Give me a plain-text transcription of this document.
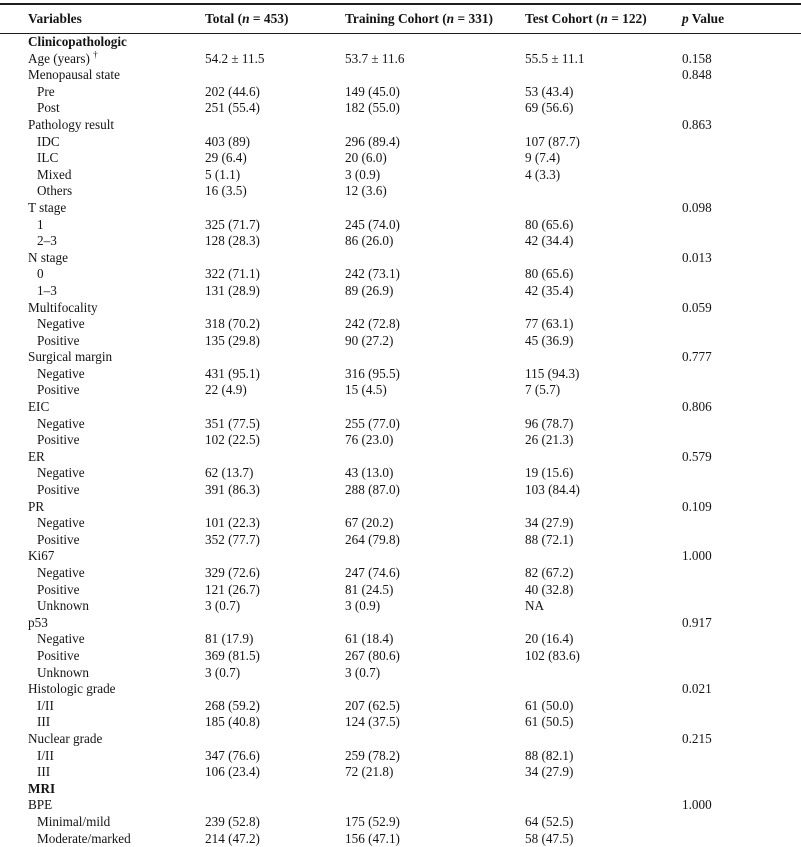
Variables	Total (n = 453)	Training Cohort (n = 331)	Test Cohort (n = 122)	p Value
Clinicopathologic				
Age (years) †	54.2 ± 11.5	53.7 ± 11.6	55.5 ± 11.1	0.158
Menopausal state				0.848
Pre	202 (44.6)	149 (45.0)	53 (43.4)	
Post	251 (55.4)	182 (55.0)	69 (56.6)	
Pathology result				0.863
IDC	403 (89)	296 (89.4)	107 (87.7)	
ILC	29 (6.4)	20 (6.0)	9 (7.4)	
Mixed	5 (1.1)	3 (0.9)	4 (3.3)	
Others	16 (3.5)	12 (3.6)		
T stage				0.098
1	325 (71.7)	245 (74.0)	80 (65.6)	
2–3	128 (28.3)	86 (26.0)	42 (34.4)	
N stage				0.013
0	322 (71.1)	242 (73.1)	80 (65.6)	
1–3	131 (28.9)	89 (26.9)	42 (35.4)	
Multifocality				0.059
Negative	318 (70.2)	242 (72.8)	77 (63.1)	
Positive	135 (29.8)	90 (27.2)	45 (36.9)	
Surgical margin				0.777
Negative	431 (95.1)	316 (95.5)	115 (94.3)	
Positive	22 (4.9)	15 (4.5)	7 (5.7)	
EIC				0.806
Negative	351 (77.5)	255 (77.0)	96 (78.7)	
Positive	102 (22.5)	76 (23.0)	26 (21.3)	
ER				0.579
Negative	62 (13.7)	43 (13.0)	19 (15.6)	
Positive	391 (86.3)	288 (87.0)	103 (84.4)	
PR				0.109
Negative	101 (22.3)	67 (20.2)	34 (27.9)	
Positive	352 (77.7)	264 (79.8)	88 (72.1)	
Ki67				1.000
Negative	329 (72.6)	247 (74.6)	82 (67.2)	
Positive	121 (26.7)	81 (24.5)	40 (32.8)	
Unknown	3 (0.7)	3 (0.9)	NA	
p53				0.917
Negative	81 (17.9)	61 (18.4)	20 (16.4)	
Positive	369 (81.5)	267 (80.6)	102 (83.6)	
Unknown	3 (0.7)	3 (0.7)		
Histologic grade				0.021
I/II	268 (59.2)	207 (62.5)	61 (50.0)	
III	185 (40.8)	124 (37.5)	61 (50.5)	
Nuclear grade				0.215
I/II	347 (76.6)	259 (78.2)	88 (82.1)	
III	106 (23.4)	72 (21.8)	34 (27.9)	
MRI				
BPE				1.000
Minimal/mild	239 (52.8)	175 (52.9)	64 (52.5)	
Moderate/marked	214 (47.2)	156 (47.1)	58 (47.5)	
